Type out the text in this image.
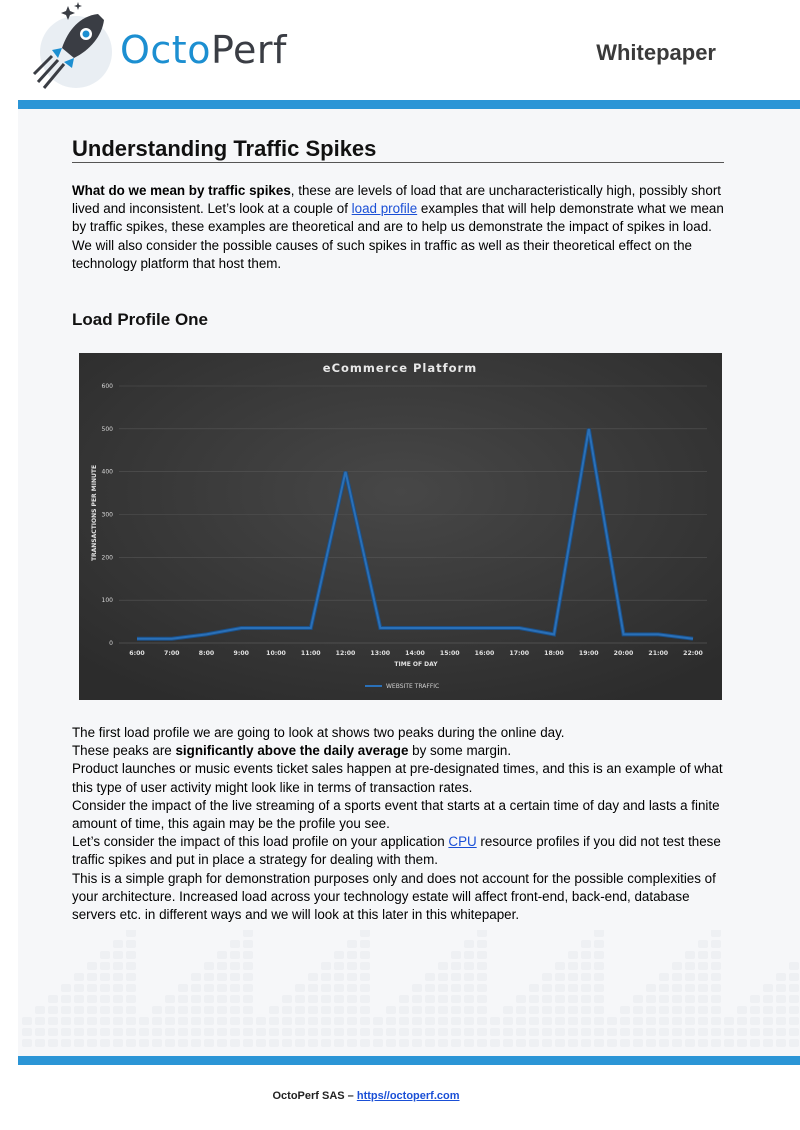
OctoPerf	Whitepaper
Understanding Traffic Spikes
What do we mean by traffic spikes, these are levels of load that are uncharacteristically high, possibly short lived and inconsistent. Let’s look at a couple of load profile examples that will help demonstrate what we mean by traffic spikes, these examples are theoretical and are to help us demonstrate the impact of spikes in load.
We will also consider the possible causes of such spikes in traffic as well as their theoretical effect on the technology platform that host them.
Load Profile One
eCommerce Platform
0
100
200
300
400
500
600
6:00	7:00	8:00	9:00	10:00 11:00 12:00 13:00 14:00 15:00 16:00 17:00 18:00 19:00 20:00 21:00 22:00
TRANSACTIONS PER MINUTE
TIME OF DAY
WEBSITE TRAFFIC
The first load profile we are going to look at shows two peaks during the online day.
These peaks are significantly above the daily average by some margin.
Product launches or music events ticket sales happen at pre-designated times, and this is an example of what this type of user activity might look like in terms of transaction rates.
Consider the impact of the live streaming of a sports event that starts at a certain time of day and lasts a finite amount of time, this again may be the profile you see.
Let’s consider the impact of this load profile on your application CPU resource profiles if you did not test these traffic spikes and put in place a strategy for dealing with them.
This is a simple graph for demonstration purposes only and does not account for the possible complexities of your architecture. Increased load across your technology estate will affect front-end, back-end, database servers etc. in different ways and we will look at this later in this whitepaper.
OctoPerf SAS – https//octoperf.com
